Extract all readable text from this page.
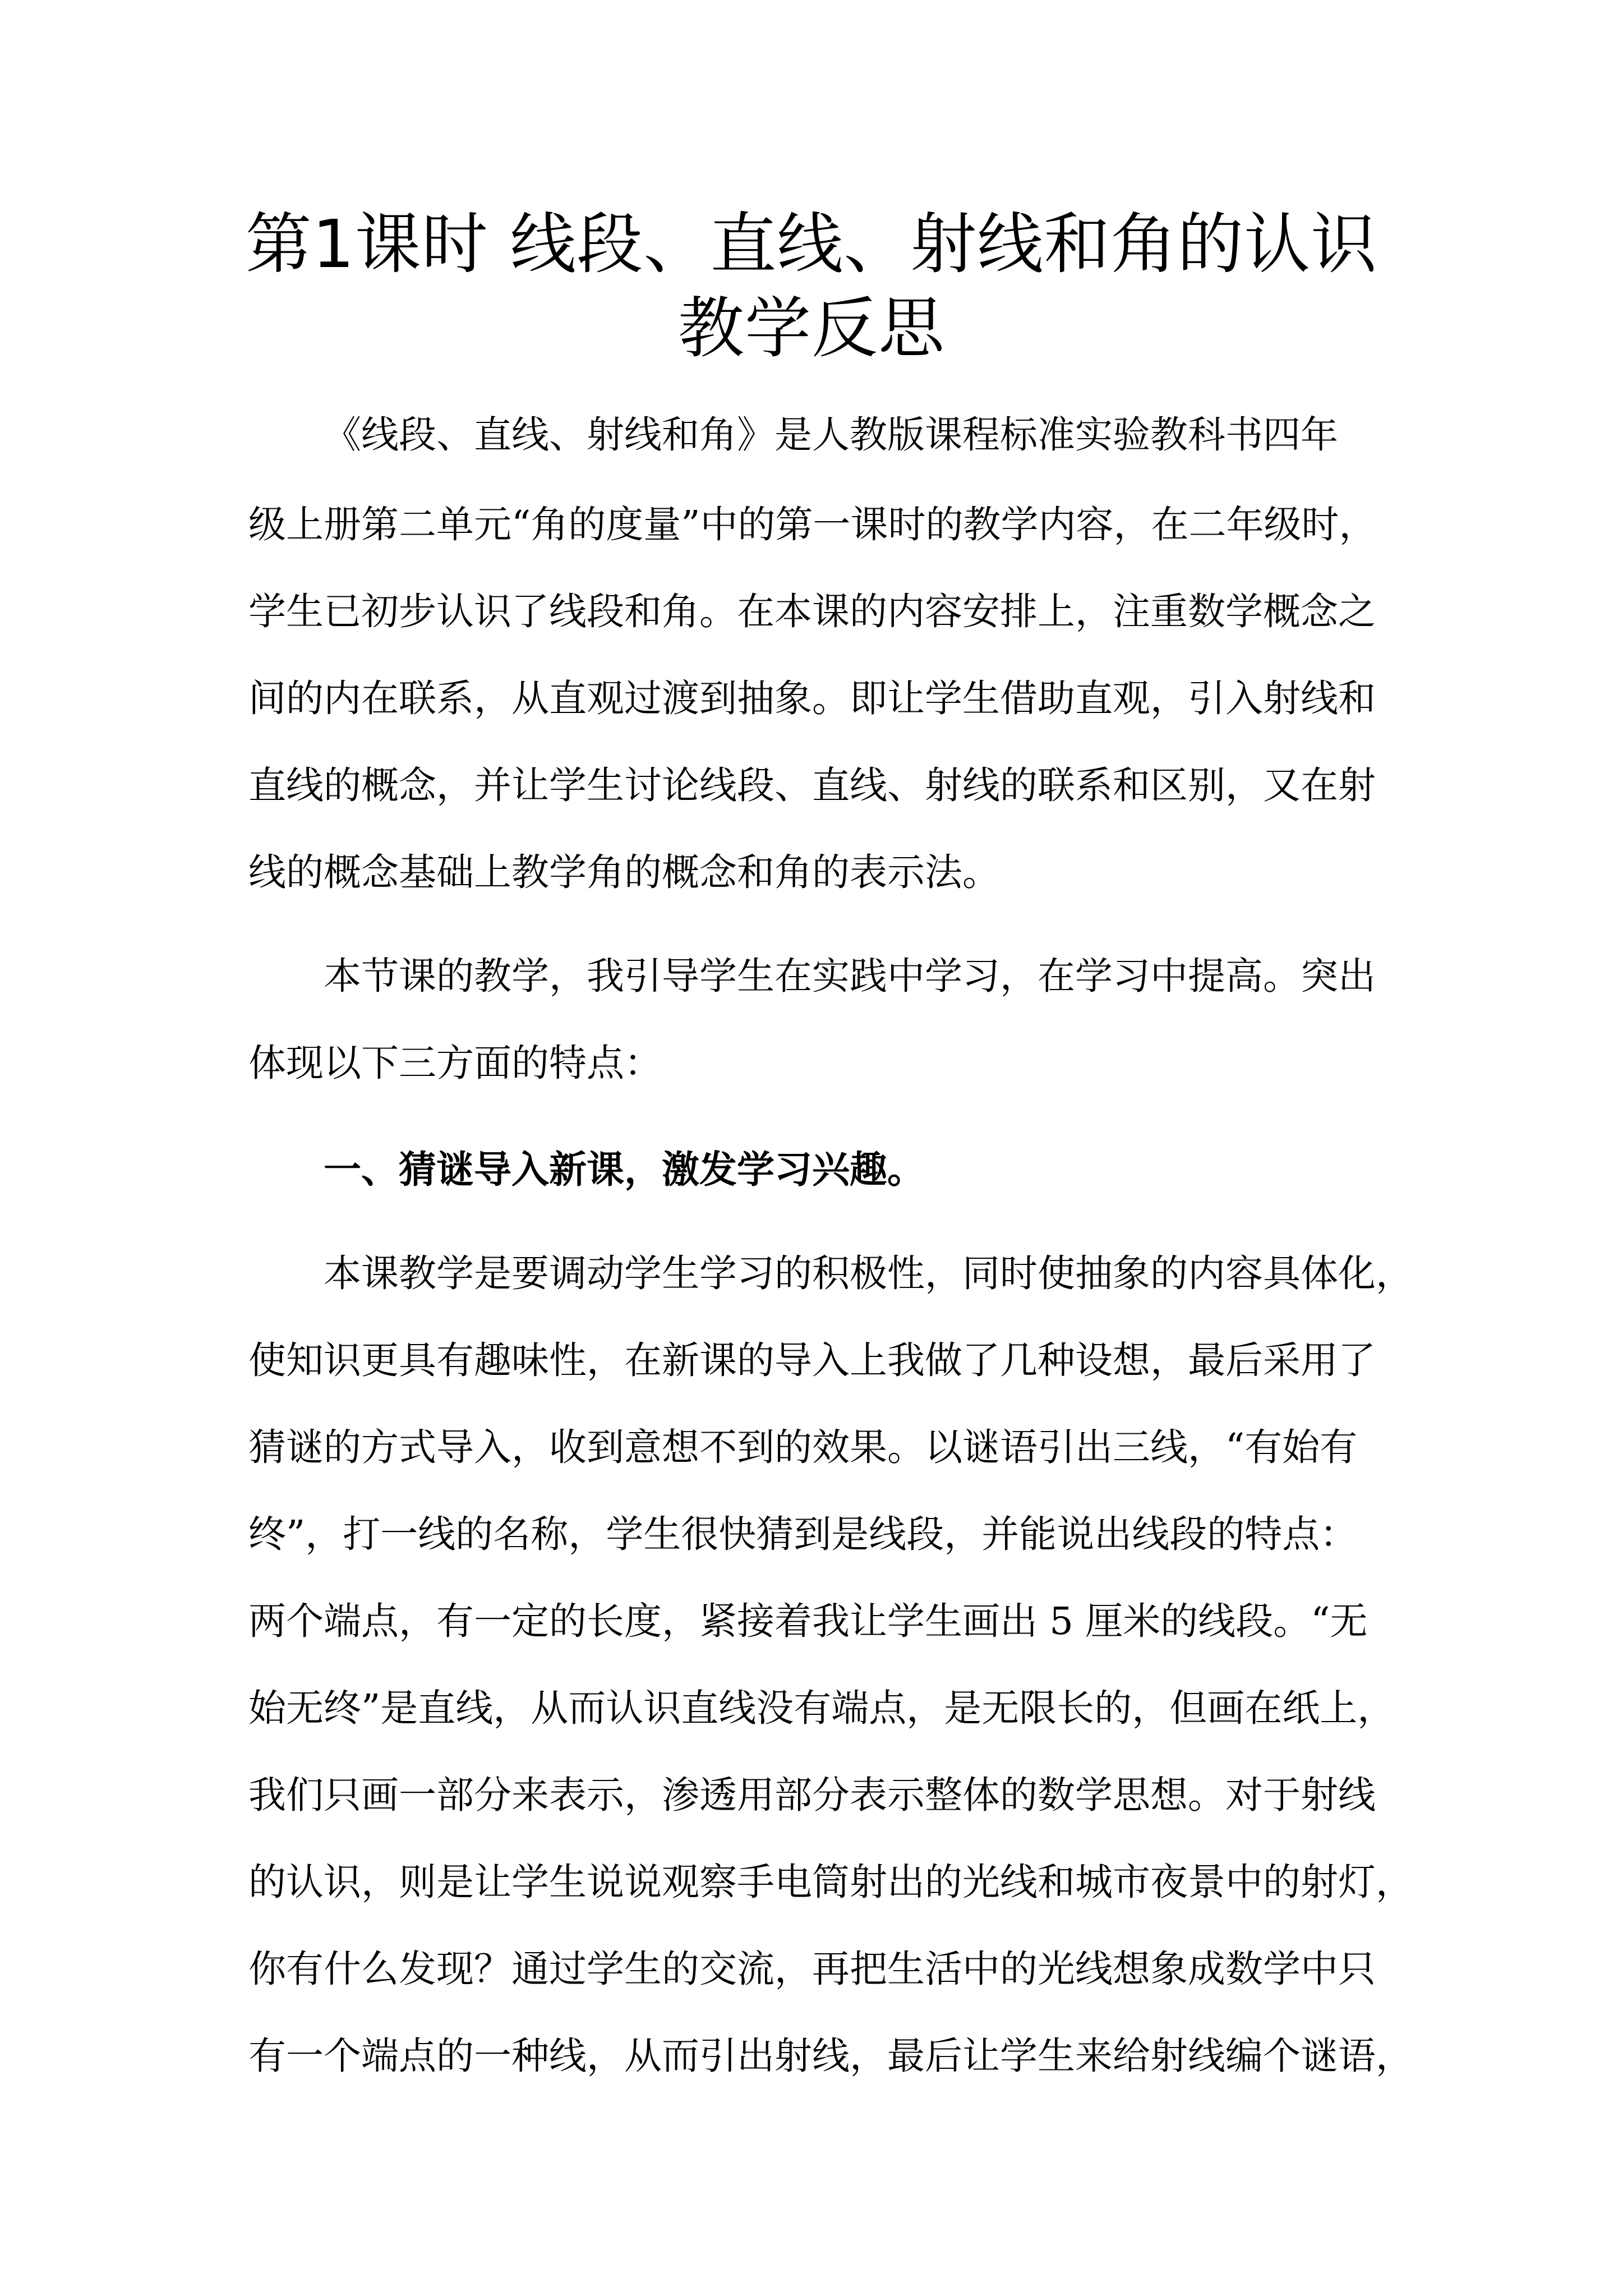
第1课时 线段、直线、射线和角的认识
教学反思
《线段、直线、射线和角》是人教版课程标准实验教科书四年
级上册第二单元“角的度量”中的第一课时的教学内容，在二年级时，
学生已初步认识了线段和角。在本课的内容安排上，注重数学概念之
间的内在联系，从直观过渡到抽象。即让学生借助直观，引入射线和
直线的概念，并让学生讨论线段、直线、射线的联系和区别，又在射
线的概念基础上教学角的概念和角的表示法。
本节课的教学，我引导学生在实践中学习，在学习中提高。突出
体现以下三方面的特点：
一、猜谜导入新课，激发学习兴趣。
本课教学是要调动学生学习的积极性，同时使抽象的内容具体化，
使知识更具有趣味性，在新课的导入上我做了几种设想，最后采用了
猜谜的方式导入，收到意想不到的效果。以谜语引出三线，“有始有
终”，打一线的名称，学生很快猜到是线段，并能说出线段的特点：
两个端点，有一定的长度，紧接着我让学生画出 5 厘米的线段。“无
始无终”是直线，从而认识直线没有端点，是无限长的，但画在纸上，
我们只画一部分来表示，渗透用部分表示整体的数学思想。对于射线
的认识，则是让学生说说观察手电筒射出的光线和城市夜景中的射灯，
你有什么发现？通过学生的交流，再把生活中的光线想象成数学中只
有一个端点的一种线，从而引出射线，最后让学生来给射线编个谜语，
